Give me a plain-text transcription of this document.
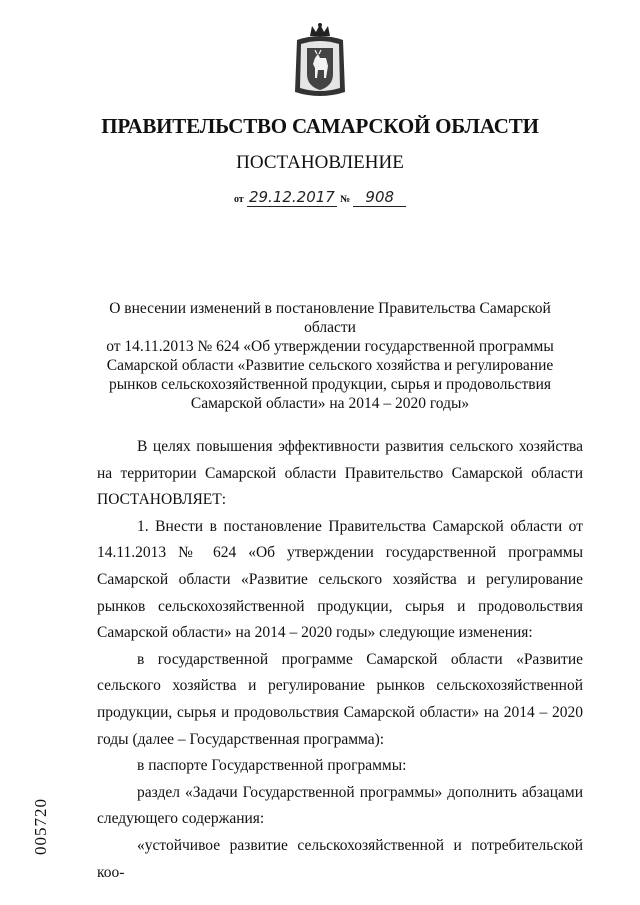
ПРАВИТЕЛЬСТВО САМАРСКОЙ ОБЛАСТИ
ПОСТАНОВЛЕНИЕ
от 29.12.2017 № 908
О внесении изменений в постановление Правительства Самарской области
от 14.11.2013 № 624 «Об утверждении государственной программы
Самарской области «Развитие сельского хозяйства и регулирование
рынков сельскохозяйственной продукции, сырья и продовольствия
Самарской области» на 2014 – 2020 годы»

В целях повышения эффективности развития сельского хозяйства на территории Самарской области Правительство Самарской области ПОСТАНОВЛЯЕТ:

1. Внести в постановление Правительства Самарской области от 14.11.2013 № 624 «Об утверждении государственной программы Самарской области «Развитие сельского хозяйства и регулирование рынков сельскохозяйственной продукции, сырья и продовольствия Самарской области» на 2014 – 2020 годы» следующие изменения:

в государственной программе Самарской области «Развитие сельского хозяйства и регулирование рынков сельскохозяйственной продукции, сырья и продовольствия Самарской области» на 2014 – 2020 годы (далее – Государственная программа):

в паспорте Государственной программы:

раздел «Задачи Государственной программы» дополнить абзацами следующего содержания:

«устойчивое развитие сельскохозяйственной и потребительской коо-

005720
